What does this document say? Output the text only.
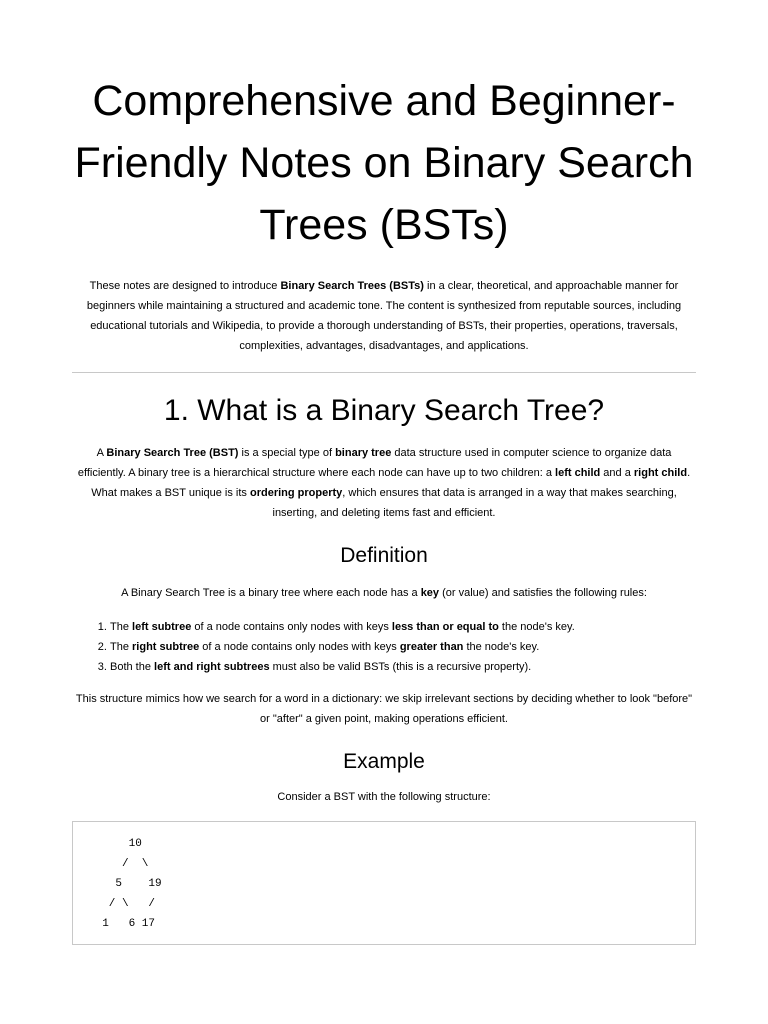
Comprehensive and Beginner-Friendly Notes on Binary Search Trees (BSTs)

These notes are designed to introduce Binary Search Trees (BSTs) in a clear, theoretical, and approachable manner for beginners while maintaining a structured and academic tone. The content is synthesized from reputable sources, including educational tutorials and Wikipedia, to provide a thorough understanding of BSTs, their properties, operations, traversals, complexities, advantages, disadvantages, and applications.

1. What is a Binary Search Tree?

A Binary Search Tree (BST) is a special type of binary tree data structure used in computer science to organize data efficiently. A binary tree is a hierarchical structure where each node can have up to two children: a left child and a right child. What makes a BST unique is its ordering property, which ensures that data is arranged in a way that makes searching, inserting, and deleting items fast and efficient.

Definition

A Binary Search Tree is a binary tree where each node has a key (or value) and satisfies the following rules:

1. The left subtree of a node contains only nodes with keys less than or equal to the node's key.
2. The right subtree of a node contains only nodes with keys greater than the node's key.
3. Both the left and right subtrees must also be valid BSTs (this is a recursive property).

This structure mimics how we search for a word in a dictionary: we skip irrelevant sections by deciding whether to look "before" or "after" a given point, making operations efficient.

Example

Consider a BST with the following structure:

10
/  \
5    19
/ \   /
1   6 17
